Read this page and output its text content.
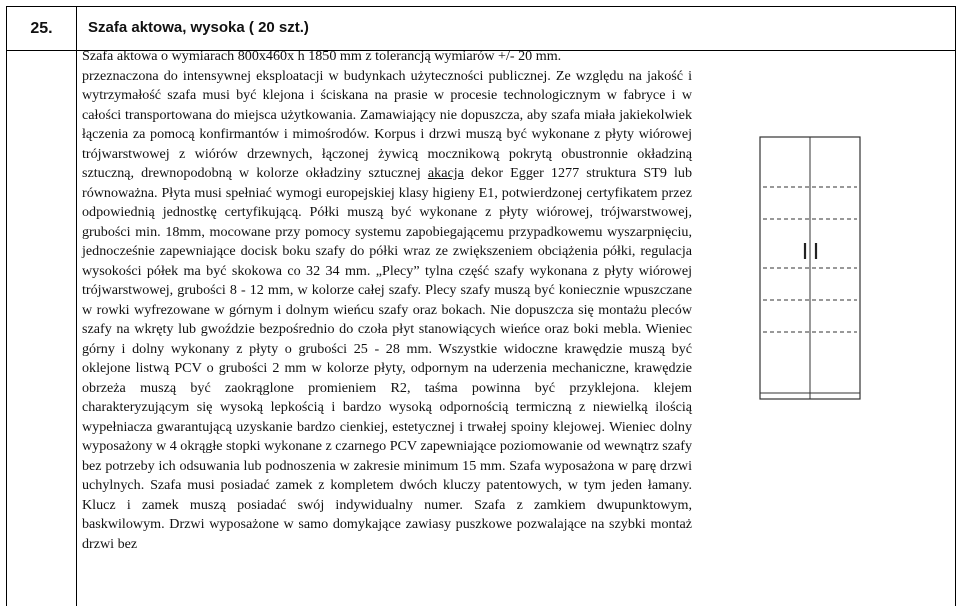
25. Szafa aktowa, wysoka ( 20 szt.)

Szafa aktowa o wymiarach 800x460x h 1850 mm z tolerancją wymiarów +/- 20 mm.

przeznaczona do intensywnej eksploatacji w budynkach użyteczności publicznej. Ze względu na jakość i wytrzymałość szafa musi być klejona i ściskana na prasie w procesie technologicznym w fabryce i w całości transportowana do miejsca użytkowania. Zamawiający nie dopuszcza, aby szafa miała jakiekolwiek łączenia za pomocą konfirmantów i mimośrodów. Korpus i drzwi muszą być wykonane z płyty wiórowej trójwarstwowej z wiórów drzewnych, łączonej żywicą mocznikową pokrytą obustronnie okładziną sztuczną, drewnopodobną w kolorze okładziny sztucznej akacja dekor Egger 1277 struktura ST9 lub równoważna. Płyta musi spełniać wymogi europejskiej klasy higieny E1, potwierdzonej certyfikatem przez odpowiednią jednostkę certyfikującą. Półki muszą być wykonane z płyty wiórowej, trójwarstwowej, grubości min. 18mm, mocowane przy pomocy systemu zapobiegającemu przypadkowemu wyszarpnięciu, jednocześnie zapewniające docisk boku szafy do półki wraz ze zwiększeniem obciążenia półki, regulacja wysokości półek ma być skokowa co 32 34 mm. „Plecy” tylna część szafy wykonana z płyty wiórowej trójwarstwowej, grubości 8 - 12 mm, w kolorze całej szafy. Plecy szafy muszą być koniecznie wpuszczane w rowki wyfrezowane w górnym i dolnym wieńcu szafy oraz bokach. Nie dopuszcza się montażu pleców szafy na wkręty lub gwoździe bezpośrednio do czoła płyt stanowiących wieńce oraz boki mebla. Wieniec górny i dolny wykonany z płyty o grubości 25 - 28 mm. Wszystkie widoczne krawędzie muszą być oklejone listwą PCV o grubości 2 mm w kolorze płyty, odpornym na uderzenia mechaniczne, krawędzie obrzeża muszą być zaokrąglone promieniem R2, taśma powinna być przyklejona. klejem charakteryzującym się wysoką lepkością i bardzo wysoką odpornością termiczną z niewielką ilością wypełniacza gwarantującą uzyskanie bardzo cienkiej, estetycznej i trwałej spoiny klejowej. Wieniec dolny wyposażony w 4 okrągłe stopki wykonane z czarnego PCV zapewniające poziomowanie od wewnątrz szafy bez potrzeby ich odsuwania lub podnoszenia w zakresie minimum 15 mm. Szafa wyposażona w parę drzwi uchylnych. Szafa musi posiadać zamek z kompletem dwóch kluczy patentowych, w tym jeden łamany. Klucz i zamek muszą posiadać swój indywidualny numer. Szafa z zamkiem dwupunktowym, baskwilowym. Drzwi wyposażone w samo domykające zawiasy puszkowe pozwalające na szybki montaż drzwi bez
